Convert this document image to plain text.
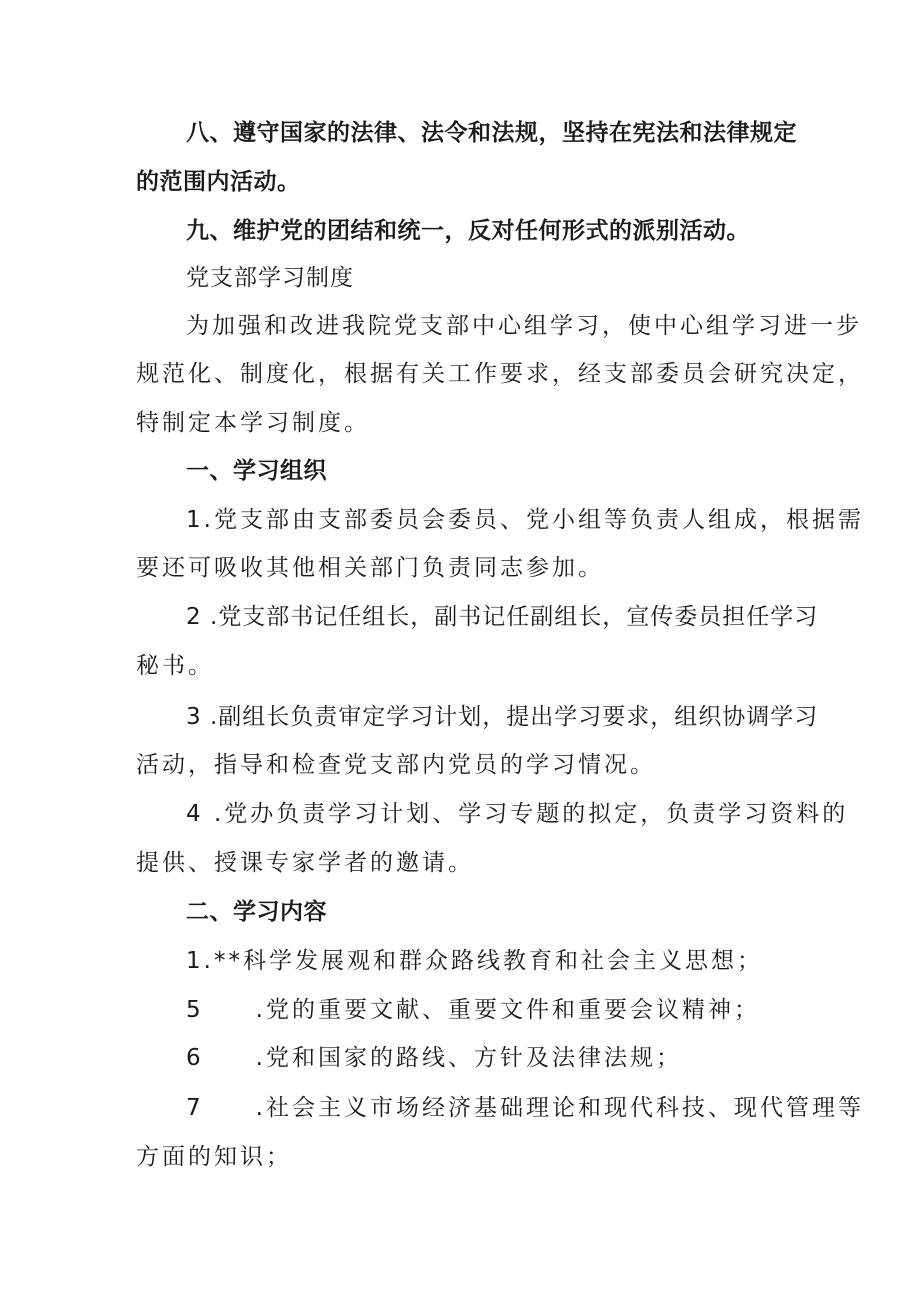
八、遵守国家的法律、法令和法规，坚持在宪法和法律规定
的范围内活动。
九、维护党的团结和统一，反对任何形式的派别活动。
党支部学习制度
为加强和改进我院党支部中心组学习，使中心组学习进一步
规范化、制度化，根据有关工作要求，经支部委员会研究决定，
特制定本学习制度。
一、学习组织
1.党支部由支部委员会委员、党小组等负责人组成，根据需
要还可吸收其他相关部门负责同志参加。
2 .党支部书记任组长，副书记任副组长，宣传委员担任学习
秘书。
3 .副组长负责审定学习计划，提出学习要求，组织协调学习
活动，指导和检查党支部内党员的学习情况。
4 .党办负责学习计划、学习专题的拟定，负责学习资料的
提供、授课专家学者的邀请。
二、学习内容
1.**科学发展观和群众路线教育和社会主义思想；
5 .党的重要文献、重要文件和重要会议精神；
6 .党和国家的路线、方针及法律法规；
7 .社会主义市场经济基础理论和现代科技、现代管理等
方面的知识；
